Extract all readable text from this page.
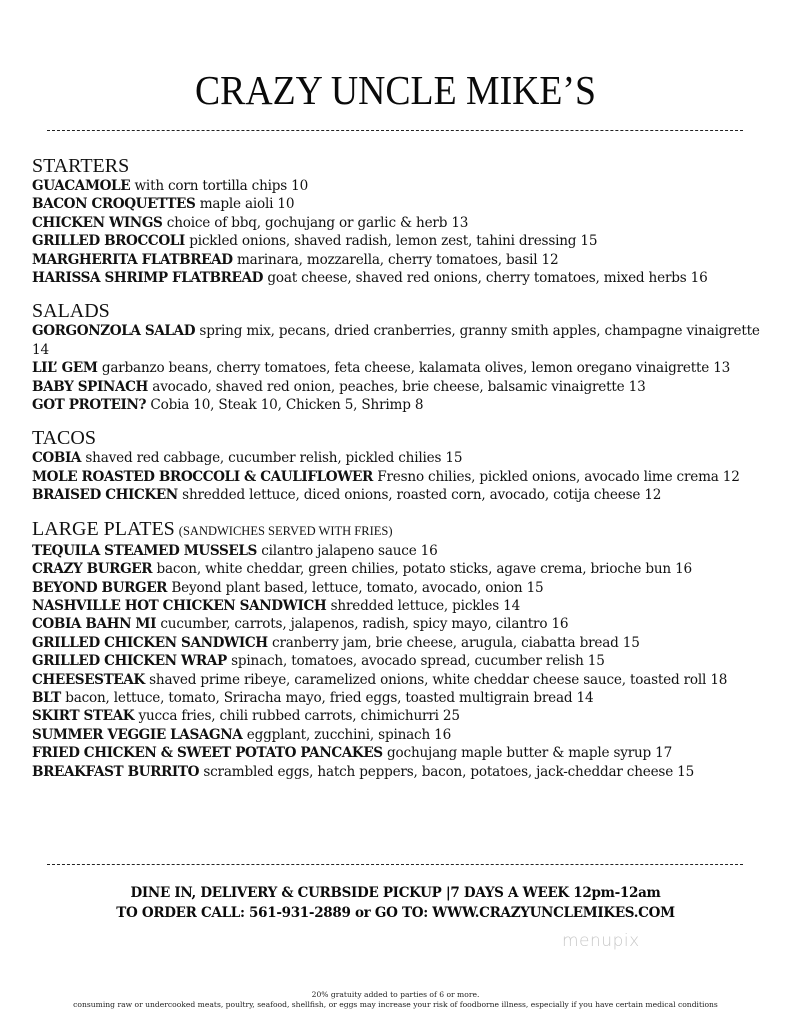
CRAZY UNCLE MIKE’S
STARTERS
GUACAMOLE with corn tortilla chips 10
BACON CROQUETTES maple aioli 10
CHICKEN WINGS choice of bbq, gochujang or garlic & herb 13
GRILLED BROCCOLI pickled onions, shaved radish, lemon zest, tahini dressing 15
MARGHERITA FLATBREAD marinara, mozzarella, cherry tomatoes, basil 12
HARISSA SHRIMP FLATBREAD goat cheese, shaved red onions, cherry tomatoes, mixed herbs 16
SALADS
GORGONZOLA SALAD spring mix, pecans, dried cranberries, granny smith apples, champagne vinaigrette 14
LIL’ GEM garbanzo beans, cherry tomatoes, feta cheese, kalamata olives, lemon oregano vinaigrette 13
BABY SPINACH avocado, shaved red onion, peaches, brie cheese, balsamic vinaigrette 13
GOT PROTEIN? Cobia 10, Steak 10, Chicken 5, Shrimp 8
TACOS
COBIA shaved red cabbage, cucumber relish, pickled chilies 15
MOLE ROASTED BROCCOLI & CAULIFLOWER Fresno chilies, pickled onions, avocado lime crema 12
BRAISED CHICKEN shredded lettuce, diced onions, roasted corn, avocado, cotija cheese 12
LARGE PLATES (SANDWICHES SERVED WITH FRIES)
TEQUILA STEAMED MUSSELS cilantro jalapeno sauce 16
CRAZY BURGER bacon, white cheddar, green chilies, potato sticks, agave crema, brioche bun 16
BEYOND BURGER Beyond plant based, lettuce, tomato, avocado, onion 15
NASHVILLE HOT CHICKEN SANDWICH shredded lettuce, pickles 14
COBIA BAHN MI cucumber, carrots, jalapenos, radish, spicy mayo, cilantro 16
GRILLED CHICKEN SANDWICH cranberry jam, brie cheese, arugula, ciabatta bread 15
GRILLED CHICKEN WRAP spinach, tomatoes, avocado spread, cucumber relish 15
CHEESESTEAK shaved prime ribeye, caramelized onions, white cheddar cheese sauce, toasted roll 18
BLT bacon, lettuce, tomato, Sriracha mayo, fried eggs, toasted multigrain bread 14
SKIRT STEAK yucca fries, chili rubbed carrots, chimichurri 25
SUMMER VEGGIE LASAGNA eggplant, zucchini, spinach 16
FRIED CHICKEN & SWEET POTATO PANCAKES gochujang maple butter & maple syrup 17
BREAKFAST BURRITO scrambled eggs, hatch peppers, bacon, potatoes, jack-cheddar cheese 15
DINE IN, DELIVERY & CURBSIDE PICKUP |7 DAYS A WEEK 12pm-12am
TO ORDER CALL: 561-931-2889 or GO TO: WWW.CRAZYUNCLEMIKES.COM
menupix
20% gratuity added to parties of 6 or more.
consuming raw or undercooked meats, poultry, seafood, shellfish, or eggs may increase your risk of foodborne illness, especially if you have certain medical conditions
